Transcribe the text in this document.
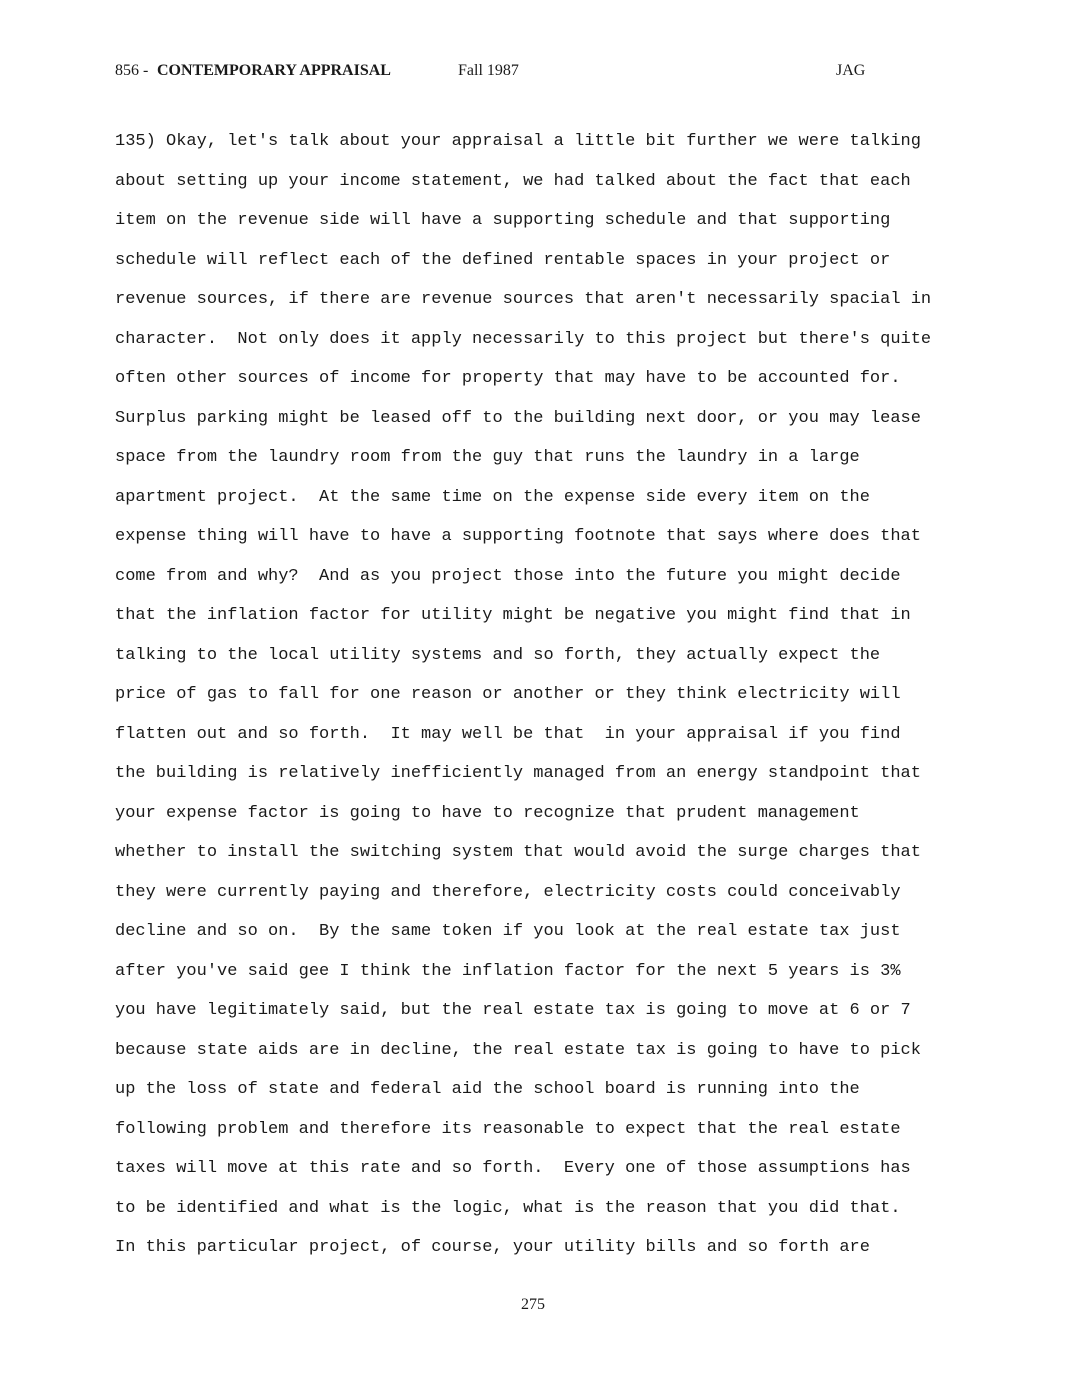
856 - CONTEMPORARY APPRAISAL	Fall 1987	JAG
135) Okay, let's talk about your appraisal a little bit further we were talking
about setting up your income statement, we had talked about the fact that each
item on the revenue side will have a supporting schedule and that supporting
schedule will reflect each of the defined rentable spaces in your project or
revenue sources, if there are revenue sources that aren't necessarily spacial in
character.  Not only does it apply necessarily to this project but there's quite
often other sources of income for property that may have to be accounted for.
Surplus parking might be leased off to the building next door, or you may lease
space from the laundry room from the guy that runs the laundry in a large
apartment project.  At the same time on the expense side every item on the
expense thing will have to have a supporting footnote that says where does that
come from and why?  And as you project those into the future you might decide
that the inflation factor for utility might be negative you might find that in
talking to the local utility systems and so forth, they actually expect the
price of gas to fall for one reason or another or they think electricity will
flatten out and so forth.  It may well be that  in your appraisal if you find
the building is relatively inefficiently managed from an energy standpoint that
your expense factor is going to have to recognize that prudent management
whether to install the switching system that would avoid the surge charges that
they were currently paying and therefore, electricity costs could conceivably
decline and so on.  By the same token if you look at the real estate tax just
after you've said gee I think the inflation factor for the next 5 years is 3%
you have legitimately said, but the real estate tax is going to move at 6 or 7
because state aids are in decline, the real estate tax is going to have to pick
up the loss of state and federal aid the school board is running into the
following problem and therefore its reasonable to expect that the real estate
taxes will move at this rate and so forth.  Every one of those assumptions has
to be identified and what is the logic, what is the reason that you did that.
In this particular project, of course, your utility bills and so forth are
275
